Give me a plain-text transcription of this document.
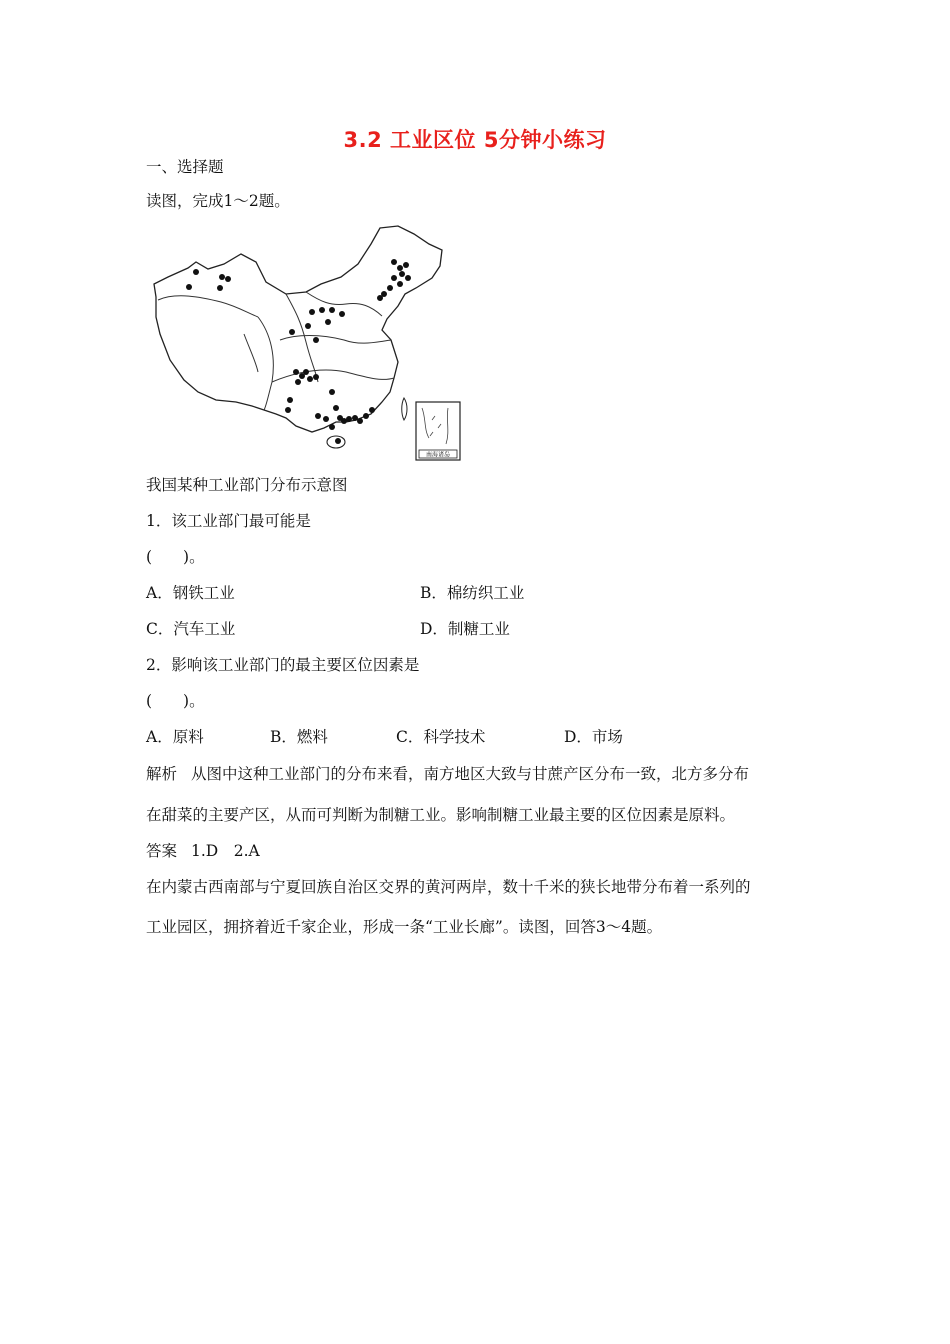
3.2 工业区位 5分钟小练习
一、选择题
读图，完成1～2题。
南海诸岛
我国某种工业部门分布示意图
1．该工业部门最可能是
(　　)。
A．钢铁工业	B．棉纺织工业
C．汽车工业	D．制糖工业
2．影响该工业部门的最主要区位因素是
(　　)。
A．原料	B．燃料	C．科学技术	D．市场
解析 从图中这种工业部门的分布来看，南方地区大致与甘蔗产区分布一致，北方多分布
在甜菜的主要产区，从而可判断为制糖工业。影响制糖工业最主要的区位因素是原料。
答案 1.D　2.A
在内蒙古西南部与宁夏回族自治区交界的黄河两岸，数十千米的狭长地带分布着一系列的
工业园区，拥挤着近千家企业，形成一条“工业长廊”。读图，回答3～4题。
